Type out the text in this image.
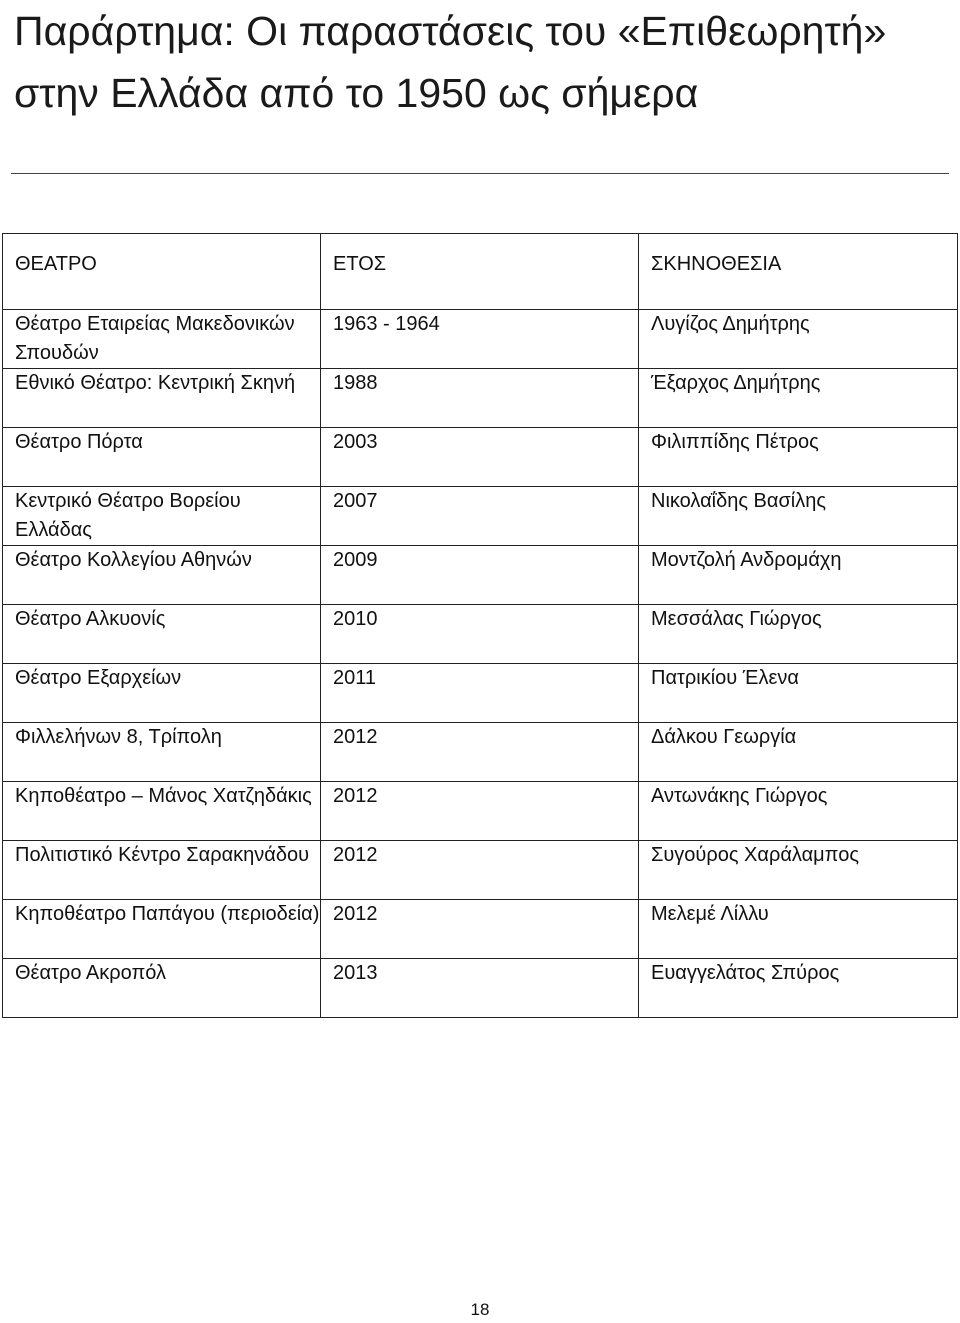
Παράρτημα: Οι παραστάσεις του «Επιθεωρητή» στην Ελλάδα από το 1950 ως σήμερα
ΘΕΑΤΡΟ	ΕΤΟΣ	ΣΚΗΝΟΘΕΣΙΑ
Θέατρο Εταιρείας Μακεδονικών Σπουδών	1963 - 1964	Λυγίζος Δημήτρης
Εθνικό Θέατρο: Κεντρική Σκηνή	1988	Έξαρχος Δημήτρης
Θέατρο Πόρτα	2003	Φιλιππίδης Πέτρος
Κεντρικό Θέατρο Βορείου Ελλάδας	2007	Νικολαΐδης Βασίλης
Θέατρο Κολλεγίου Αθηνών	2009	Μοντζολή Ανδρομάχη
Θέατρο Αλκυονίς	2010	Μεσσάλας Γιώργος
Θέατρο Εξαρχείων	2011	Πατρικίου Έλενα
Φιλλελήνων 8, Τρίπολη	2012	Δάλκου Γεωργία
Κηποθέατρο – Μάνος Χατζηδάκις	2012	Αντωνάκης Γιώργος
Πολιτιστικό Κέντρο Σαρακηνάδου	2012	Συγούρος Χαράλαμπος
Κηποθέατρο Παπάγου (περιοδεία)	2012	Μελεμέ Λίλλυ
Θέατρο Ακροπόλ	2013	Ευαγγελάτος Σπύρος
18
